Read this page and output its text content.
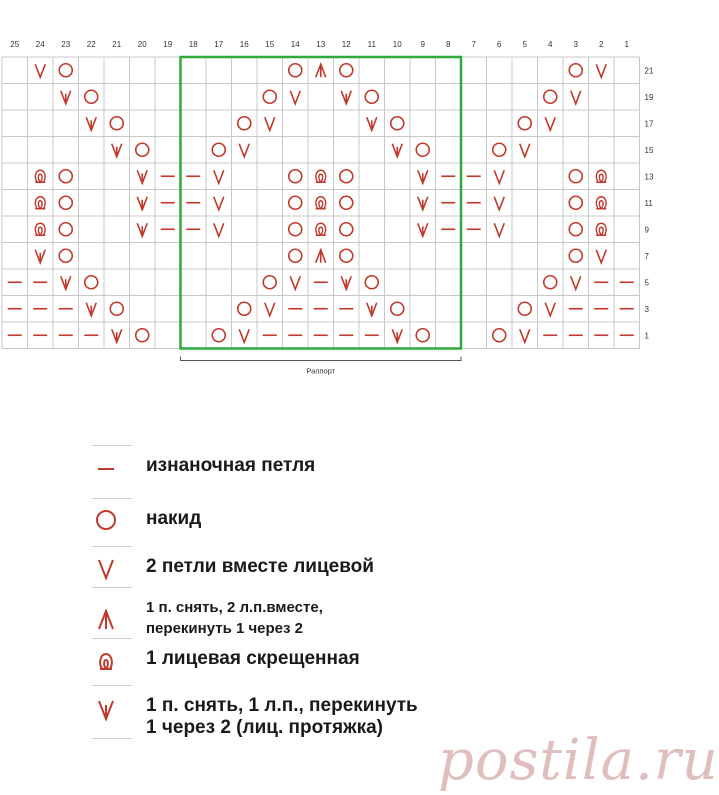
25 24 23 22 21 20 19 18 17 16 15 14 13 12 11 10 9	8	7	6	5	4	3	2	1
21
19
17
15
13
11
9
7
5
3
1
Раппорт
изнаночная петля
накид
2 петли вместе лицевой
1 п. снять, 2 л.п.вместе,
перекинуть 1 через 2
1 лицевая скрещенная
1 п. снять, 1 л.п., перекинуть
1 через 2 (лиц. протяжка)
postila.ru
